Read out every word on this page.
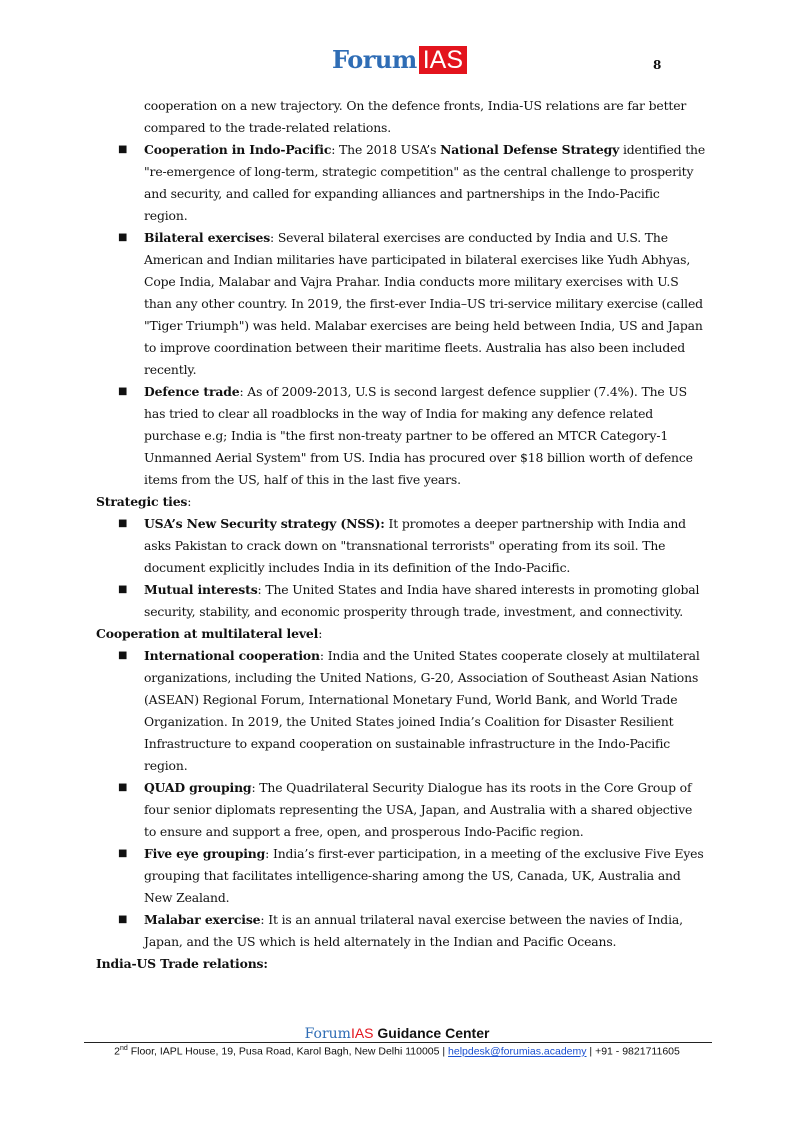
Forum IAS	8

cooperation on a new trajectory. On the defence fronts, India-US relations are far better compared to the trade-related relations.

■ Cooperation in Indo-Pacific: The 2018 USA’s National Defense Strategy identified the "re-emergence of long-term, strategic competition" as the central challenge to prosperity and security, and called for expanding alliances and partnerships in the Indo-Pacific region.
■ Bilateral exercises: Several bilateral exercises are conducted by India and U.S. The American and Indian militaries have participated in bilateral exercises like Yudh Abhyas, Cope India, Malabar and Vajra Prahar. India conducts more military exercises with U.S than any other country. In 2019, the first-ever India–US tri-service military exercise (called "Tiger Triumph") was held. Malabar exercises are being held between India, US and Japan to improve coordination between their maritime fleets. Australia has also been included recently.
■ Defence trade: As of 2009-2013, U.S is second largest defence supplier (7.4%). The US has tried to clear all roadblocks in the way of India for making any defence related purchase e.g; India is "the first non-treaty partner to be offered an MTCR Category-1 Unmanned Aerial System" from US. India has procured over $18 billion worth of defence items from the US, half of this in the last five years.

Strategic ties:

■ USA’s New Security strategy (NSS): It promotes a deeper partnership with India and asks Pakistan to crack down on "transnational terrorists" operating from its soil. The document explicitly includes India in its definition of the Indo-Pacific.
■ Mutual interests: The United States and India have shared interests in promoting global security, stability, and economic prosperity through trade, investment, and connectivity.

Cooperation at multilateral level:

■ International cooperation: India and the United States cooperate closely at multilateral organizations, including the United Nations, G-20, Association of Southeast Asian Nations (ASEAN) Regional Forum, International Monetary Fund, World Bank, and World Trade Organization. In 2019, the United States joined India’s Coalition for Disaster Resilient Infrastructure to expand cooperation on sustainable infrastructure in the Indo-Pacific region.
■ QUAD grouping: The Quadrilateral Security Dialogue has its roots in the Core Group of four senior diplomats representing the USA, Japan, and Australia with a shared objective to ensure and support a free, open, and prosperous Indo-Pacific region.
■ Five eye grouping: India’s first-ever participation, in a meeting of the exclusive Five Eyes grouping that facilitates intelligence-sharing among the US, Canada, UK, Australia and New Zealand.
■ Malabar exercise: It is an annual trilateral naval exercise between the navies of India, Japan, and the US which is held alternately in the Indian and Pacific Oceans.

India-US Trade relations:

ForumIAS Guidance Center
2nd Floor, IAPL House, 19, Pusa Road, Karol Bagh, New Delhi 110005 | helpdesk@forumias.academy | +91 - 9821711605
